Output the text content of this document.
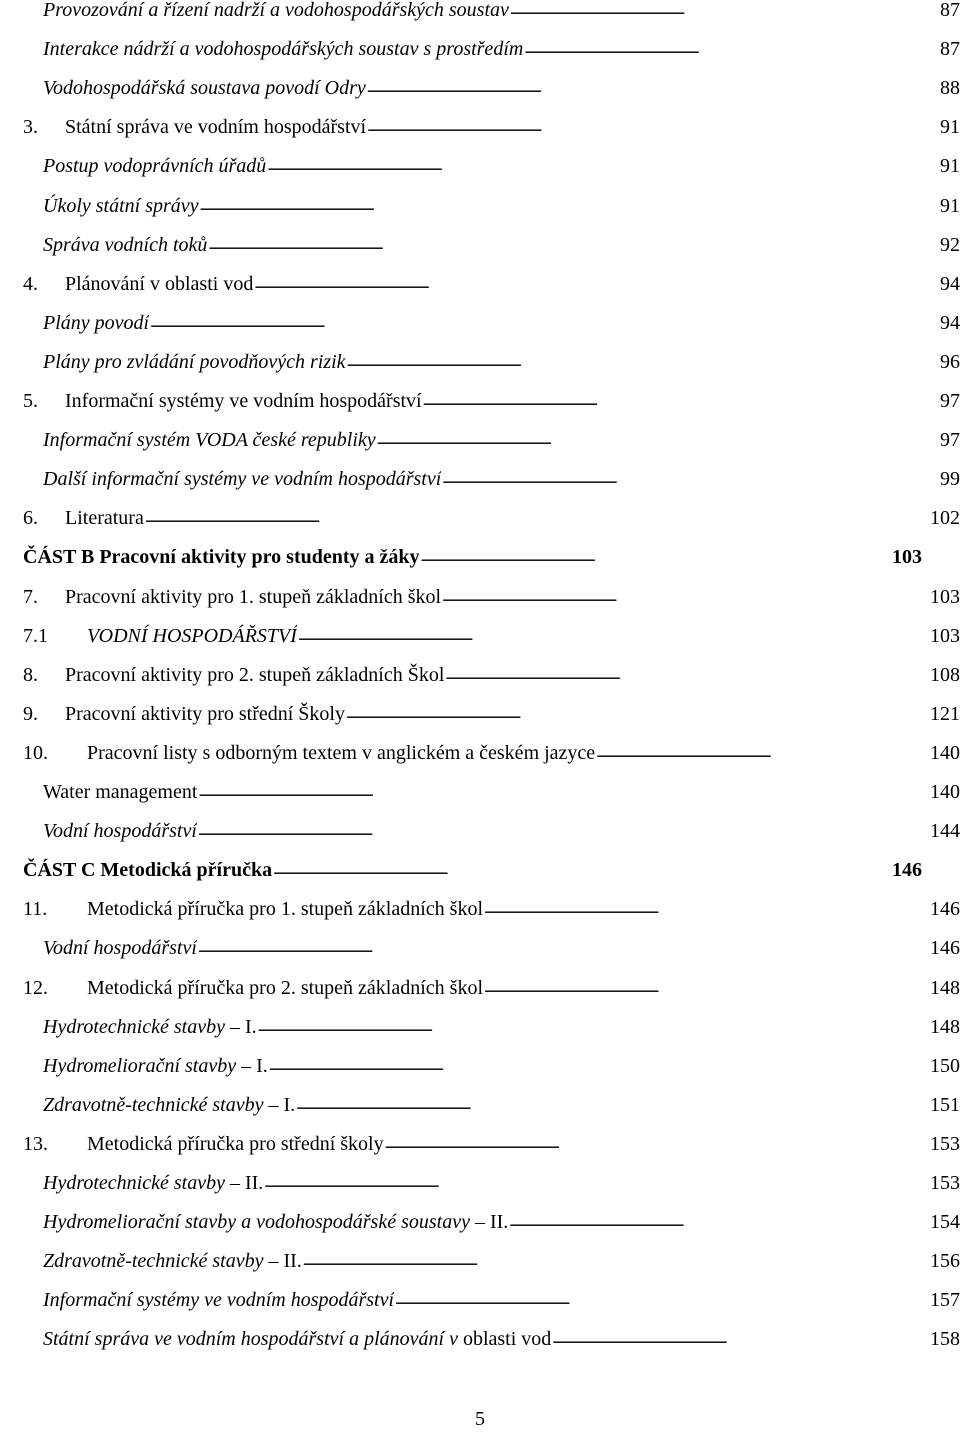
Provozování a řízení nadrží a vodohospodářských soustav . . .	87
Interakce nádrží a vodohospodářských soustav s prostředím . . .	87
Vodohospodářská soustava povodí Odry . . .	88
3.	Státní správa ve vodním hospodářství . . .	91
Postup vodoprávních úřadů . . .	91
Úkoly státní správy . . .	91
Správa vodních toků . . .	92
4.	Plánování v oblasti vod . . .	94
Plány povodí . . .	94
Plány pro zvládání povodňových rizik . . .	96
5.	Informační systémy ve vodním hospodářství . . .	97
Informační systém VODA české republiky . . .	97
Další informační systémy ve vodním hospodářství . . .	99
6.	Literatura . . .	102
ČÁST B Pracovní aktivity pro studenty a žáky . . .	103
7.	Pracovní aktivity pro 1. stupeň základních škol . . .	103
7.1	VODNÍ HOSPODÁŘSTVÍ . . .	103
8.	Pracovní aktivity pro 2. stupeň základních Škol . . .	108
9.	Pracovní aktivity pro střední Školy . . .	121
10.	Pracovní listy s odborným textem v anglickém a českém jazyce . . .	140
Water management . . .	140
Vodní hospodářství . . .	144
ČÁST C Metodická příručka . . .	146
11.	Metodická příručka pro 1. stupeň základních škol . . .	146
Vodní hospodářství . . .	146
12.	Metodická příručka pro 2. stupeň základních škol . . .	148
Hydrotechnické stavby – I. . . .	148
Hydromeliorační stavby – I. . . .	150
Zdravotně-technické stavby – I. . . .	151
13.	Metodická příručka pro střední školy . . .	153
Hydrotechnické stavby – II. . . .	153
Hydromeliorační stavby a vodohospodářské soustavy – II. . . .	154
Zdravotně-technické stavby – II. . . .	156
Informační systémy ve vodním hospodářství . . .	157
Státní správa ve vodním hospodářství a plánování v oblasti vod . . .	158
5
